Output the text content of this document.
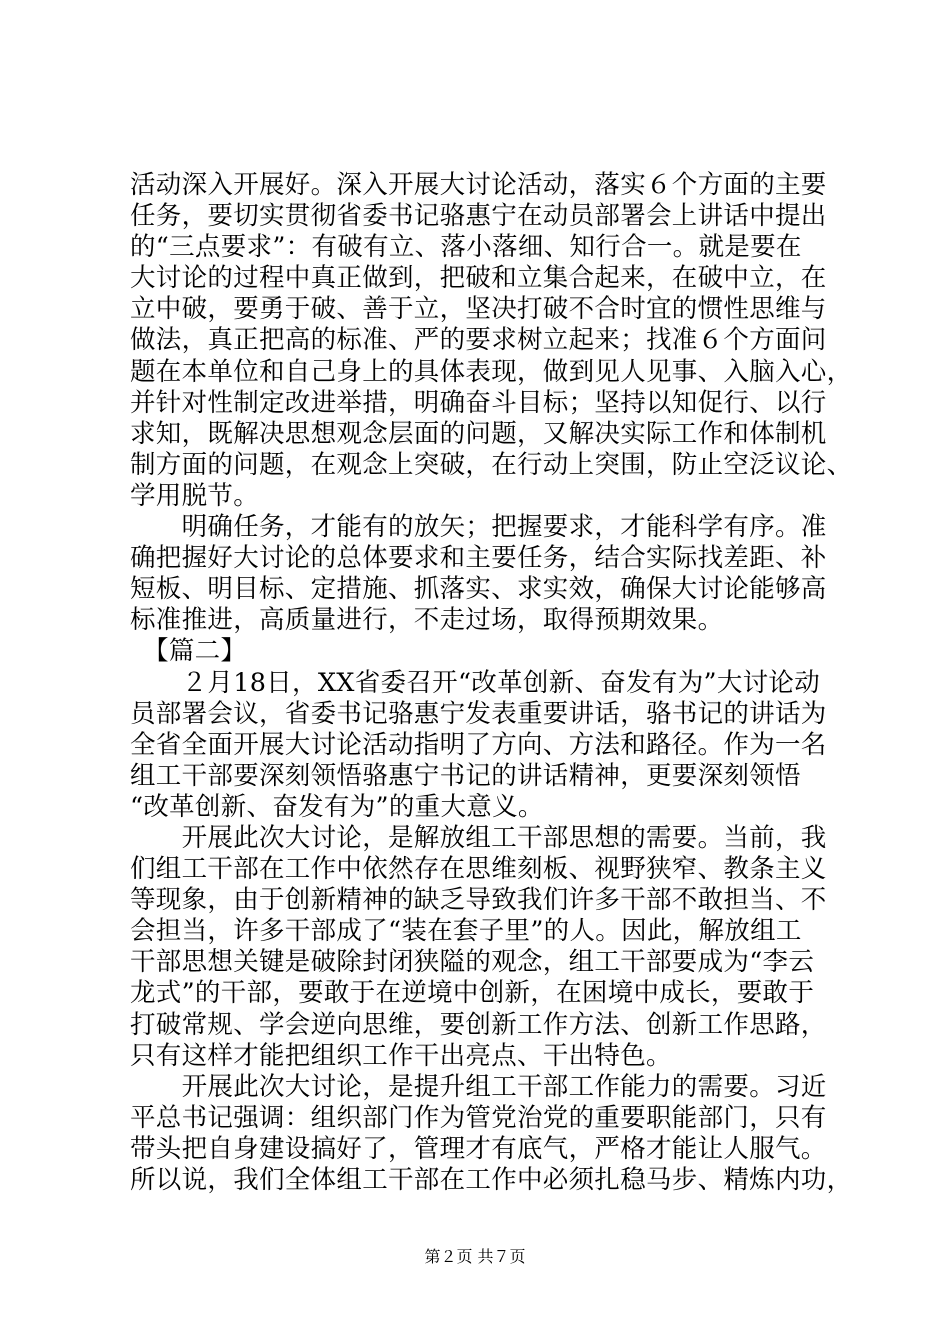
活动深入开展好。深入开展大讨论活动，落实６个方面的主要
任务，要切实贯彻省委书记骆惠宁在动员部署会上讲话中提出
的“三点要求”：有破有立、落小落细、知行合一。就是要在
大讨论的过程中真正做到，把破和立集合起来，在破中立，在
立中破，要勇于破、善于立，坚决打破不合时宜的惯性思维与
做法，真正把高的标准、严的要求树立起来；找准６个方面问
题在本单位和自己身上的具体表现，做到见人见事、入脑入心，
并针对性制定改进举措，明确奋斗目标；坚持以知促行、以行
求知，既解决思想观念层面的问题，又解决实际工作和体制机
制方面的问题，在观念上突破，在行动上突围，防止空泛议论、
学用脱节。
　　明确任务，才能有的放矢；把握要求，才能科学有序。准
确把握好大讨论的总体要求和主要任务，结合实际找差距、补
短板、明目标、定措施、抓落实、求实效，确保大讨论能够高
标准推进，高质量进行，不走过场，取得预期效果。
　【篇二】
　　２月18日，XX省委召开“改革创新、奋发有为”大讨论动
员部署会议，省委书记骆惠宁发表重要讲话，骆书记的讲话为
全省全面开展大讨论活动指明了方向、方法和路径。作为一名
组工干部要深刻领悟骆惠宁书记的讲话精神，更要深刻领悟
“改革创新、奋发有为”的重大意义。
　　开展此次大讨论，是解放组工干部思想的需要。当前，我
们组工干部在工作中依然存在思维刻板、视野狭窄、教条主义
等现象，由于创新精神的缺乏导致我们许多干部不敢担当、不
会担当，许多干部成了“装在套子里”的人。因此，解放组工
干部思想关键是破除封闭狭隘的观念，组工干部要成为“李云
龙式”的干部，要敢于在逆境中创新，在困境中成长，要敢于
打破常规、学会逆向思维，要创新工作方法、创新工作思路，
只有这样才能把组织工作干出亮点、干出特色。
　　开展此次大讨论，是提升组工干部工作能力的需要。习近
平总书记强调：组织部门作为管党治党的重要职能部门，只有
带头把自身建设搞好了，管理才有底气，严格才能让人服气。
所以说，我们全体组工干部在工作中必须扎稳马步、精炼内功，
第２页 共７页
